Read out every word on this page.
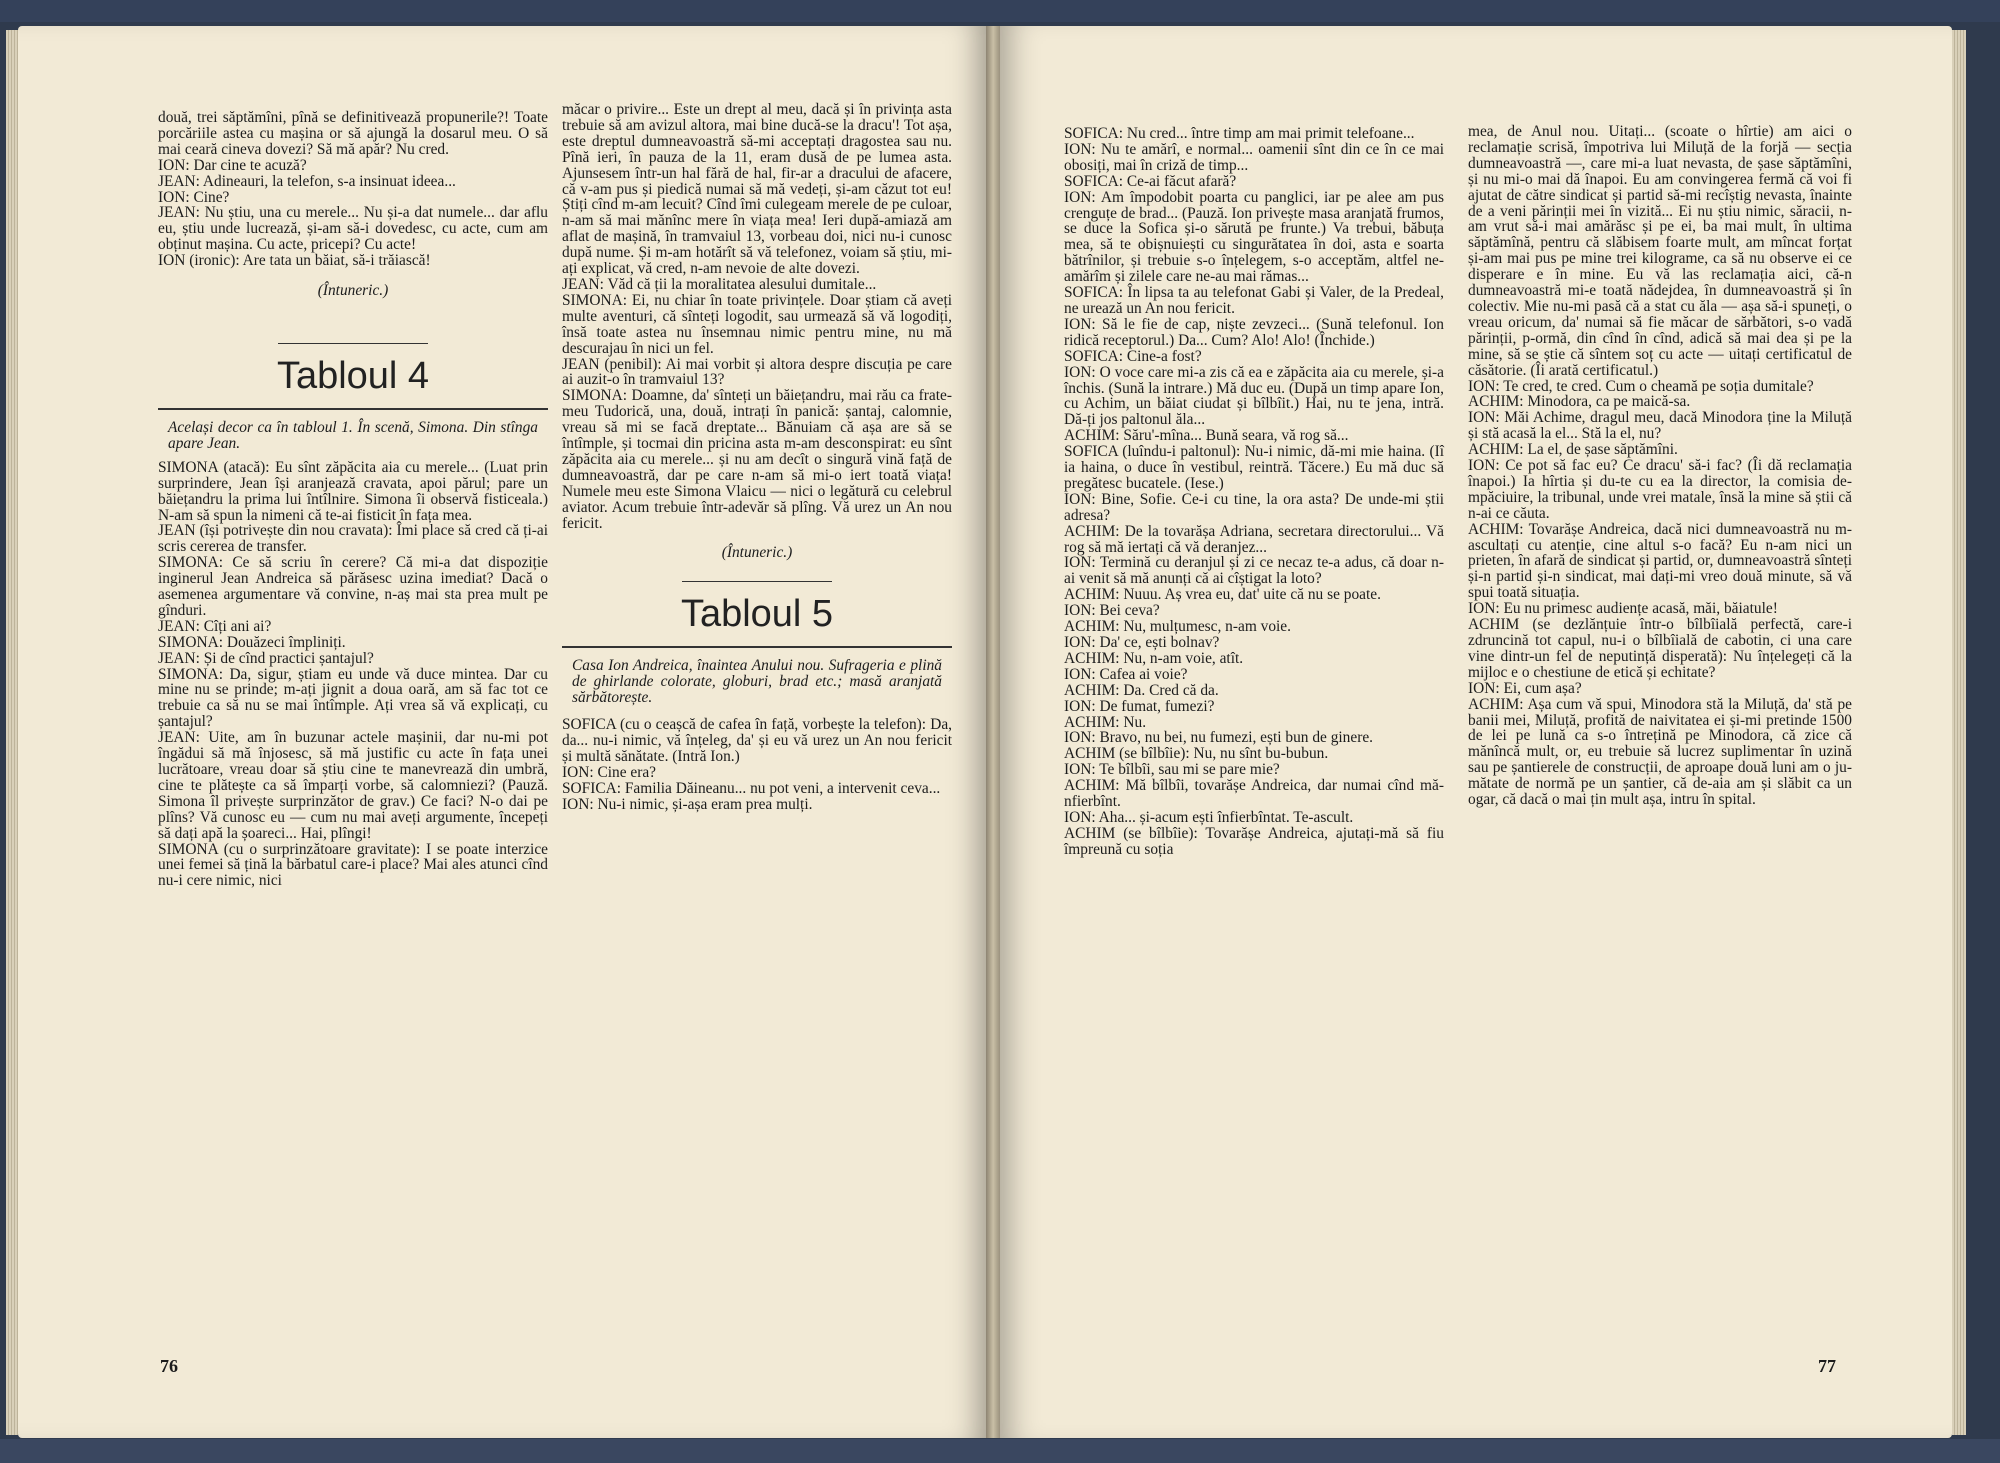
două, trei săptămîni, pînă se definitivează propunerile?! Toate porcăriile astea cu mașina or să ajungă la dosarul meu. O să mai ceară cineva dovezi? Să mă apăr? Nu cred.

ION: Dar cine te acuză?

JEAN: Adineauri, la telefon, s-a insinuat ideea...

ION: Cine?

JEAN: Nu știu, una cu merele... Nu și-a dat numele... dar aflu eu, știu unde lucrează, și-am să-i dovedesc, cu acte, cum am obținut mașina. Cu acte, pricepi? Cu acte!

ION (ironic): Are tata un băiat, să-i trăiască!

(Întuneric.)

Tabloul 4

Același decor ca în tabloul 1. În scenă, Simona. Din stînga apare Jean.

SIMONA (atacă): Eu sînt zăpăcita aia cu merele... (Luat prin surprindere, Jean își aranjează cravata, apoi părul; pare un băiețandru la prima lui întîlnire. Simona îi observă fisticeala.) N-am să spun la nimeni că te-ai fisticit în fața mea.

JEAN (își potrivește din nou cravata): Îmi place să cred că ți-ai scris cererea de transfer.

SIMONA: Ce să scriu în cerere? Că mi-a dat dispoziție inginerul Jean Andreica să părăsesc uzina imediat? Dacă o asemenea argumentare vă convine, n-aș mai sta prea mult pe gînduri.

JEAN: Cîți ani ai?

SIMONA: Douăzeci împliniți.

JEAN: Și de cînd practici șantajul?

SIMONA: Da, sigur, știam eu unde vă duce mintea. Dar cu mine nu se prinde; m-ați jignit a doua oară, am să fac tot ce trebuie ca să nu se mai întîmple. Ați vrea să vă explicați, cu șantajul?

JEAN: Uite, am în buzunar actele mașinii, dar nu-mi pot îngădui să mă înjosesc, să mă justific cu acte în fața unei lucrătoare, vreau doar să știu cine te manevrează din umbră, cine te plătește ca să împarți vorbe, să calomniezi? (Pauză. Simona îl privește surprinzător de grav.) Ce faci? N-o dai pe plîns? Vă cunosc eu — cum nu mai aveți argumente, începeți să dați apă la șoareci... Hai, plîngi!

SIMONA (cu o surprinzătoare gravitate): I se poate interzice unei femei să țină la bărbatul care-i place? Mai ales atunci cînd nu-i cere nimic, nici

măcar o privire... Este un drept al meu, dacă și în privința asta trebuie să am avizul altora, mai bine ducă-se la dracu'! Tot așa, este dreptul dumneavoastră să-mi acceptați dragostea sau nu. Pînă ieri, în pauza de la 11, eram dusă de pe lumea asta. Ajunsesem într-un hal fără de hal, fir-ar a dracului de afacere, că v-am pus și piedică numai să mă vedeți, și-am căzut tot eu! Știți cînd m-am lecuit? Cînd îmi culegeam merele de pe culoar, n-am să mai mănînc mere în viața mea! Ieri după-amiază am aflat de mașină, în tramvaiul 13, vorbeau doi, nici nu-i cunosc după nume. Și m-am hotărît să vă telefonez, voiam să știu, mi-ați explicat, vă cred, n-am nevoie de alte dovezi.

JEAN: Văd că ții la moralitatea alesului dumitale...

SIMONA: Ei, nu chiar în toate privințele. Doar știam că aveți multe aventuri, că sînteți logodit, sau urmează să vă logodiți, însă toate astea nu însemnau nimic pentru mine, nu mă descurajau în nici un fel.

JEAN (penibil): Ai mai vorbit și altora despre discuția pe care ai auzit-o în tramvaiul 13?

SIMONA: Doamne, da' sînteți un băiețandru, mai rău ca frate-meu Tudorică, una, două, intrați în panică: șantaj, calomnie, vreau să mi se facă dreptate... Bănuiam că așa are să se întîmple, și tocmai din pricina asta m-am desconspirat: eu sînt zăpăcita aia cu merele... și nu am decît o singură vină față de dumneavoastră, dar pe care n-am să mi-o iert toată viața! Numele meu este Simona Vlaicu — nici o legătură cu celebrul aviator. Acum trebuie într-adevăr să plîng. Vă urez un An nou fericit.

(Întuneric.)

Tabloul 5

Casa Ion Andreica, înaintea Anului nou. Sufrageria e plină de ghirlande colorate, globuri, brad etc.; masă aranjată sărbătorește.

SOFICA (cu o ceașcă de cafea în față, vorbește la telefon): Da, da... nu-i nimic, vă înțeleg, da' și eu vă urez un An nou fericit și multă sănătate. (Intră Ion.)

ION: Cine era?

SOFICA: Familia Dăineanu... nu pot veni, a intervenit ceva...

ION: Nu-i nimic, și-așa eram prea mulți.

76

SOFICA: Nu cred... între timp am mai primit telefoane...

ION: Nu te amărî, e normal... oamenii sînt din ce în ce mai obosiți, mai în criză de timp...

SOFICA: Ce-ai făcut afară?

ION: Am împodobit poarta cu panglici, iar pe alee am pus crenguțe de brad... (Pauză. Ion privește masa aranjată frumos, se duce la Sofica și-o sărută pe frunte.) Va trebui, băbuța mea, să te obișnuiești cu singurătatea în doi, asta e soarta bătrînilor, și trebuie s-o înțelegem, s-o acceptăm, altfel ne-amărîm și zilele care ne-au mai rămas...

SOFICA: În lipsa ta au telefonat Gabi și Valer, de la Predeal, ne urează un An nou fericit.

ION: Să le fie de cap, niște zevzeci... (Sună telefonul. Ion ridică receptorul.) Da... Cum? Alo! Alo! (Închide.)

SOFICA: Cine-a fost?

ION: O voce care mi-a zis că ea e zăpăcita aia cu merele, și-a închis. (Sună la intrare.) Mă duc eu. (După un timp apare Ion, cu Achim, un băiat ciudat și bîlbîit.) Hai, nu te jena, intră. Dă-ți jos paltonul ăla...

ACHIM: Săru'-mîna... Bună seara, vă rog să...

SOFICA (luîndu-i paltonul): Nu-i nimic, dă-mi mie haina. (Iî ia haina, o duce în vestibul, reintră. Tăcere.) Eu mă duc să pregătesc bucatele. (Iese.)

ION: Bine, Sofie. Ce-i cu tine, la ora asta? De unde-mi știi adresa?

ACHIM: De la tovarășa Adriana, secretara directorului... Vă rog să mă iertați că vă deranjez...

ION: Termină cu deranjul și zi ce necaz te-a adus, că doar n-ai venit să mă anunți că ai cîștigat la loto?

ACHIM: Nuuu. Aș vrea eu, dat' uite că nu se poate.

ION: Bei ceva?

ACHIM: Nu, mulțumesc, n-am voie.

ION: Da' ce, ești bolnav?

ACHIM: Nu, n-am voie, atît.

ION: Cafea ai voie?

ACHIM: Da. Cred că da.

ION: De fumat, fumezi?

ACHIM: Nu.

ION: Bravo, nu bei, nu fumezi, ești bun de ginere.

ACHIM (se bîlbîie): Nu, nu sînt bu-bubun.

ION: Te bîlbîi, sau mi se pare mie?

ACHIM: Mă bîlbîi, tovarășe Andreica, dar numai cînd mă-nfierbînt.

ION: Aha... și-acum ești înfierbîntat. Te-ascult.

ACHIM (se bîlbîie): Tovarășe Andreica, ajutați-mă să fiu împreună cu soția

mea, de Anul nou. Uitați... (scoate o hîrtie) am aici o reclamație scrisă, împotriva lui Miluță de la forjă — secția dumneavoastră —, care mi-a luat nevasta, de șase săptămîni, și nu mi-o mai dă înapoi. Eu am convingerea fermă că voi fi ajutat de către sindicat și partid să-mi recîștig nevasta, înainte de a veni părinții mei în vizită... Ei nu știu nimic, săracii, n-am vrut să-i mai amărăsc și pe ei, ba mai mult, în ultima săptămînă, pentru că slăbisem foarte mult, am mîncat forțat și-am mai pus pe mine trei kilograme, ca să nu observe ei ce disperare e în mine. Eu vă las reclamația aici, că-n dumneavoastră mi-e toată nădejdea, în dumneavoastră și în colectiv. Mie nu-mi pasă că a stat cu ăla — așa să-i spuneți, o vreau oricum, da' numai să fie măcar de sărbători, s-o vadă părinții, p-ormă, din cînd în cînd, adică să mai dea și pe la mine, să se știe că sîntem soț cu acte — uitați certificatul de căsătorie. (Îi arată certificatul.)

ION: Te cred, te cred. Cum o cheamă pe soția dumitale?

ACHIM: Minodora, ca pe maică-sa.

ION: Măi Achime, dragul meu, dacă Minodora ține la Miluță și stă acasă la el... Stă la el, nu?

ACHIM: La el, de șase săptămîni.

ION: Ce pot să fac eu? Ce dracu' să-i fac? (Îi dă reclamația înapoi.) Ia hîrtia și du-te cu ea la director, la comisia de-mpăciuire, la tribunal, unde vrei matale, însă la mine să știi că n-ai ce căuta.

ACHIM: Tovarășe Andreica, dacă nici dumneavoastră nu m-ascultați cu atenție, cine altul s-o facă? Eu n-am nici un prieten, în afară de sindicat și partid, or, dumneavoastră sînteți și-n partid și-n sindicat, mai dați-mi vreo două minute, să vă spui toată situația.

ION: Eu nu primesc audiențe acasă, măi, băiatule!

ACHIM (se dezlănțuie într-o bîlbîială perfectă, care-i zdruncină tot capul, nu-i o bîlbîială de cabotin, ci una care vine dintr-un fel de neputință disperată): Nu înțelegeți că la mijloc e o chestiune de etică și echitate?

ION: Ei, cum așa?

ACHIM: Așa cum vă spui, Minodora stă la Miluță, da' stă pe banii mei, Miluță, profită de naivitatea ei și-mi pretinde 1500 de lei pe lună ca s-o întrețină pe Minodora, că zice că mănîncă mult, or, eu trebuie să lucrez suplimentar în uzină sau pe șantierele de construcții, de aproape două luni am o jumătate de normă pe un șantier, că de-aia am și slăbit ca un ogar, că dacă o mai țin mult așa, intru în spital.

77
